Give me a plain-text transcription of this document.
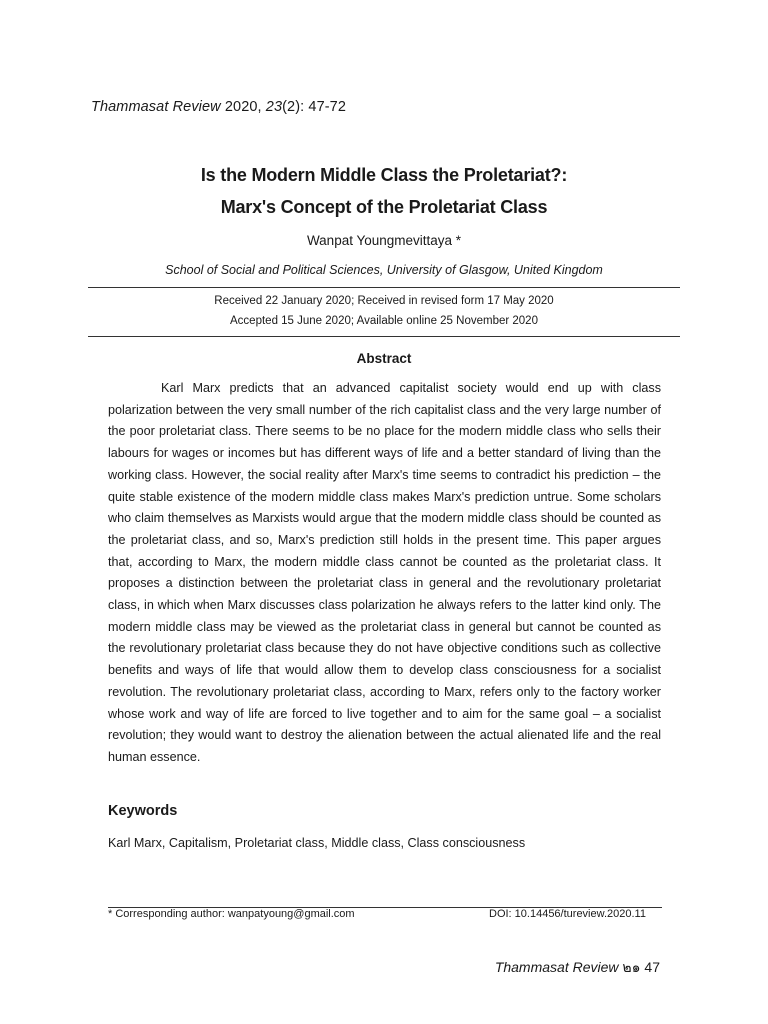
Thammasat Review 2020, 23(2): 47-72
Is the Modern Middle Class the Proletariat?:
Marx's Concept of the Proletariat Class
Wanpat Youngmevittaya *
School of Social and Political Sciences, University of Glasgow, United Kingdom
Received 22 January 2020; Received in revised form 17 May 2020
Accepted 15 June 2020; Available online 25 November 2020
Abstract

Karl Marx predicts that an advanced capitalist society would end up with class polarization between the very small number of the rich capitalist class and the very large number of the poor proletariat class. There seems to be no place for the modern middle class who sells their labours for wages or incomes but has different ways of life and a better standard of living than the working class. However, the social reality after Marx's time seems to contradict his prediction – the quite stable existence of the modern middle class makes Marx's prediction untrue. Some scholars who claim themselves as Marxists would argue that the modern middle class should be counted as the proletariat class, and so, Marx's prediction still holds in the present time. This paper argues that, according to Marx, the modern middle class cannot be counted as the proletariat class. It proposes a distinction between the proletariat class in general and the revolutionary proletariat class, in which when Marx discusses class polarization he always refers to the latter kind only. The modern middle class may be viewed as the proletariat class in general but cannot be counted as the revolutionary proletariat class because they do not have objective conditions such as collective benefits and ways of life that would allow them to develop class consciousness for a socialist revolution. The revolutionary proletariat class, according to Marx, refers only to the factory worker whose work and way of life are forced to live together and to aim for the same goal – a socialist revolution; they would want to destroy the alienation between the actual alienated life and the real human essence.

Keywords
Karl Marx, Capitalism, Proletariat class, Middle class, Class consciousness
* Corresponding author: wanpatyoung@gmail.com	DOI: 10.14456/tureview.2020.11
Thammasat Review ๒๑ 47
